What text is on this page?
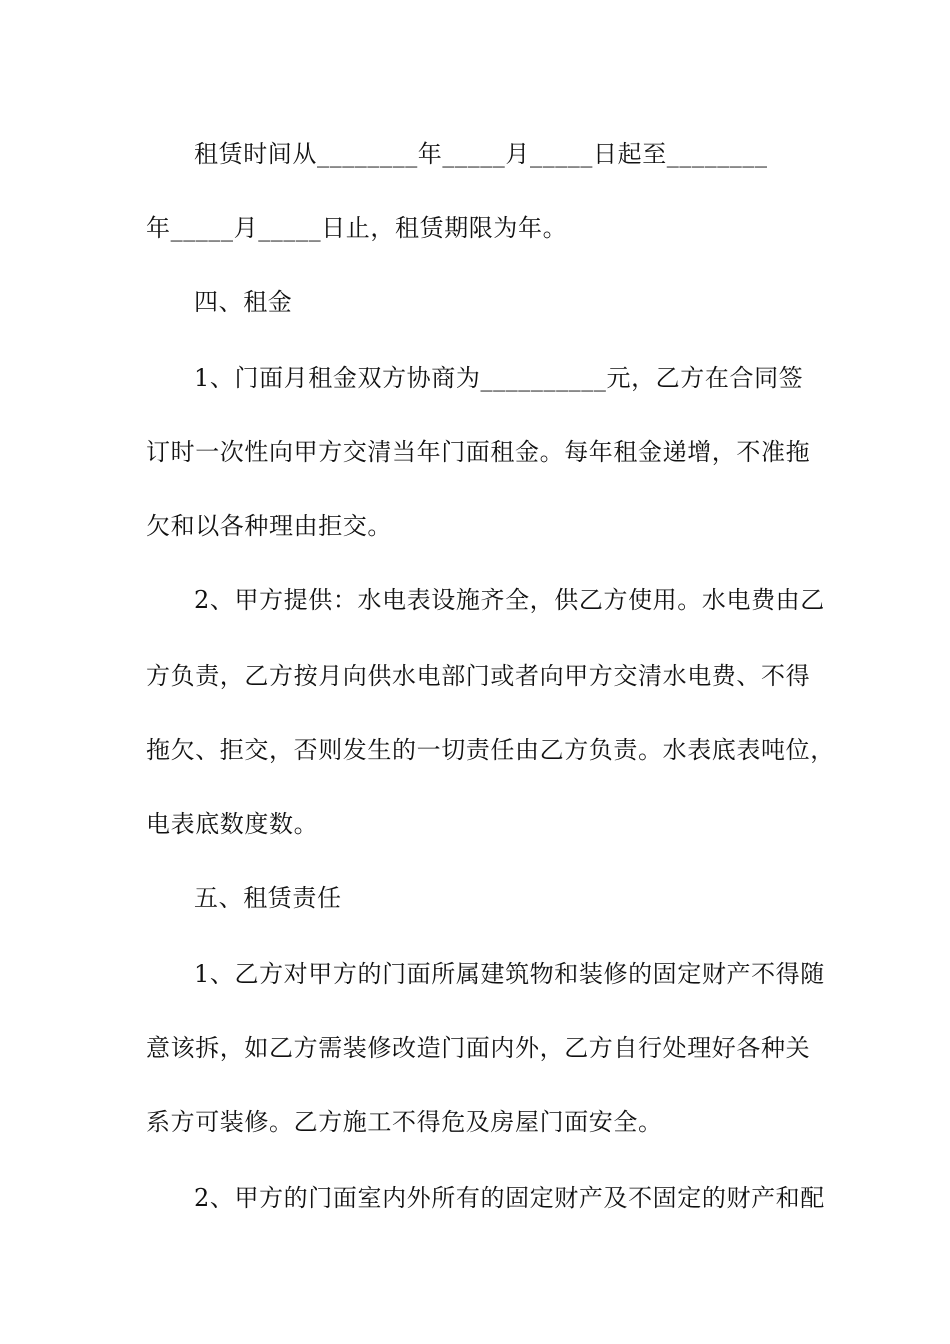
租赁时间从________年_____月_____日起至________
年_____月_____日止，租赁期限为年。
四、租金
1、门面月租金双方协商为__________元，乙方在合同签
订时一次性向甲方交清当年门面租金。每年租金递增，不准拖
欠和以各种理由拒交。
2、甲方提供：水电表设施齐全，供乙方使用。水电费由乙
方负责，乙方按月向供水电部门或者向甲方交清水电费、不得
拖欠、拒交，否则发生的一切责任由乙方负责。水表底表吨位，
电表底数度数。
五、租赁责任
1、乙方对甲方的门面所属建筑物和装修的固定财产不得随
意该拆，如乙方需装修改造门面内外，乙方自行处理好各种关
系方可装修。乙方施工不得危及房屋门面安全。
2、甲方的门面室内外所有的固定财产及不固定的财产和配
